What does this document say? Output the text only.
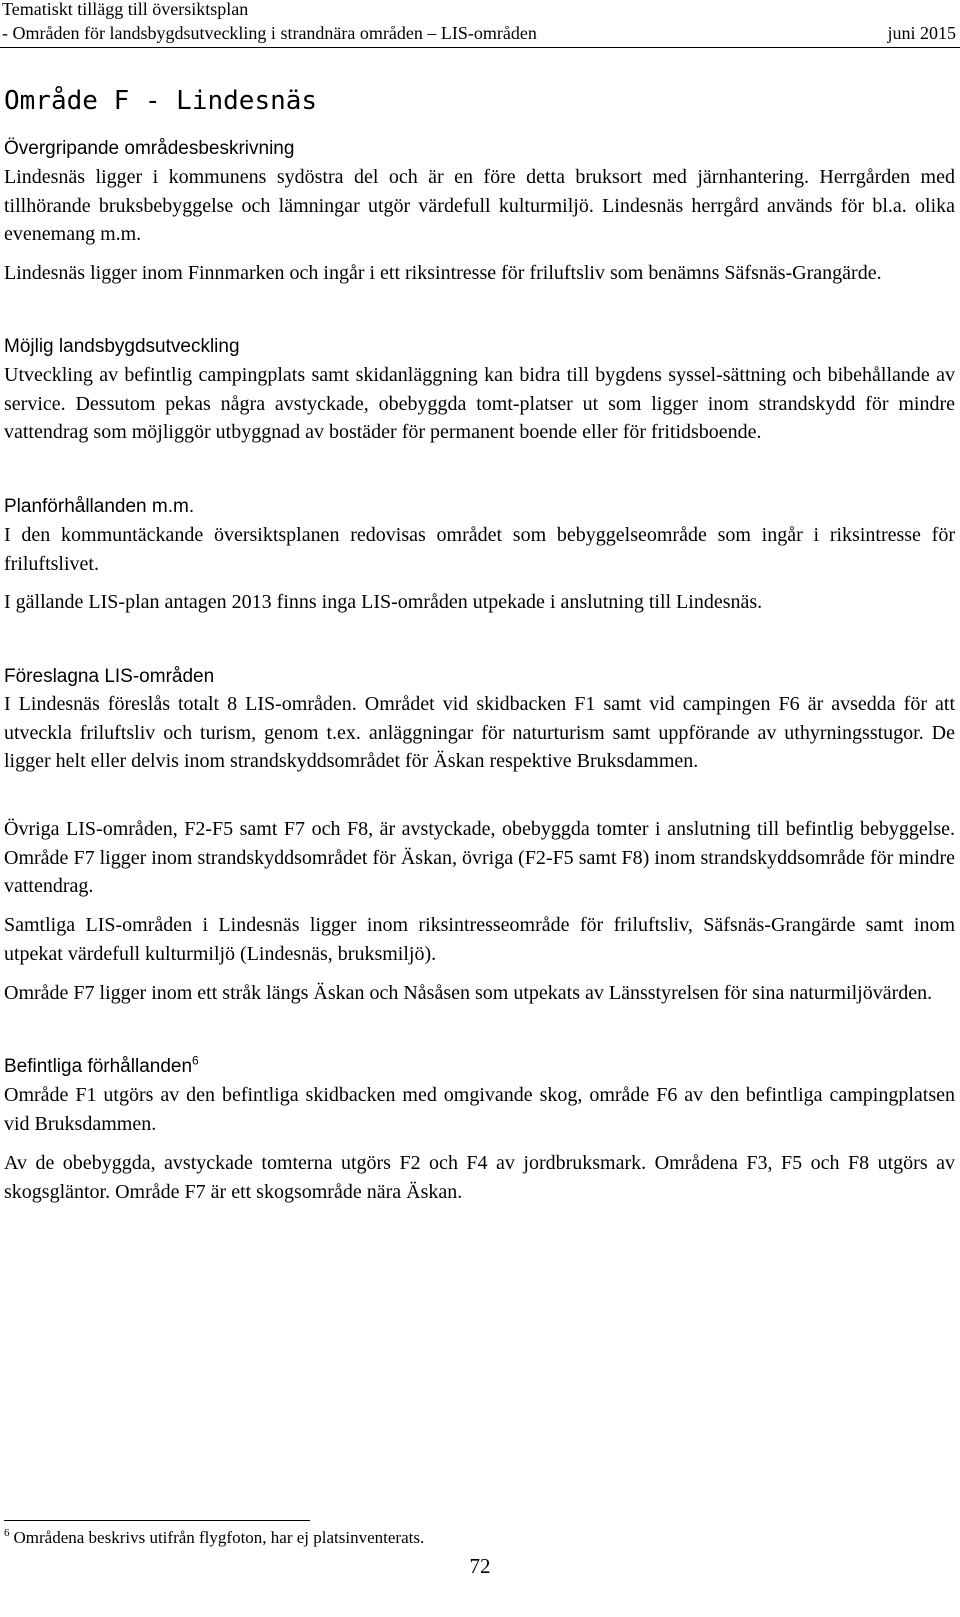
Tematiskt tillägg till översiktsplan
- Områden för landsbygdsutveckling i strandnära områden – LIS-områden	juni 2015
Område F - Lindesnäs
Övergripande områdesbeskrivning
Lindesnäs ligger i kommunens sydöstra del och är en före detta bruksort med järnhantering. Herrgården med tillhörande bruksbebyggelse och lämningar utgör värdefull kulturmiljö. Lindesnäs herrgård används för bl.a. olika evenemang m.m.
Lindesnäs ligger inom Finnmarken och ingår i ett riksintresse för friluftsliv som benämns Säfsnäs-Grangärde.
Möjlig landsbygdsutveckling
Utveckling av befintlig campingplats samt skidanläggning kan bidra till bygdens syssel-sättning och bibehållande av service. Dessutom pekas några avstyckade, obebyggda tomt-platser ut som ligger inom strandskydd för mindre vattendrag som möjliggör utbyggnad av bostäder för permanent boende eller för fritidsboende.
Planförhållanden m.m.
I den kommuntäckande översiktsplanen redovisas området som bebyggelseområde som ingår i riksintresse för friluftslivet.
I gällande LIS-plan antagen 2013 finns inga LIS-områden utpekade i anslutning till Lindesnäs.
Föreslagna LIS-områden
I Lindesnäs föreslås totalt 8 LIS-områden. Området vid skidbacken F1 samt vid campingen F6 är avsedda för att utveckla friluftsliv och turism, genom t.ex. anläggningar för naturturism samt uppförande av uthyrningsstugor. De ligger helt eller delvis inom strandskyddsområdet för Äskan respektive Bruksdammen.
Övriga LIS-områden, F2-F5 samt F7 och F8, är avstyckade, obebyggda tomter i anslutning till befintlig bebyggelse. Område F7 ligger inom strandskyddsområdet för Äskan, övriga (F2-F5 samt F8) inom strandskyddsområde för mindre vattendrag.
Samtliga LIS-områden i Lindesnäs ligger inom riksintresseområde för friluftsliv, Säfsnäs-Grangärde samt inom utpekat värdefull kulturmiljö (Lindesnäs, bruksmiljö).
Område F7 ligger inom ett stråk längs Äskan och Nåsåsen som utpekats av Länsstyrelsen för sina naturmiljövärden.
Befintliga förhållanden$^6$
Område F1 utgörs av den befintliga skidbacken med omgivande skog, område F6 av den befintliga campingplatsen vid Bruksdammen.
Av de obebyggda, avstyckade tomterna utgörs F2 och F4 av jordbruksmark. Områdena F3, F5 och F8 utgörs av skogsgläntor. Område F7 är ett skogsområde nära Äskan.
$^6$ Områdena beskrivs utifrån flygfoton, har ej platsinventerats.
72
